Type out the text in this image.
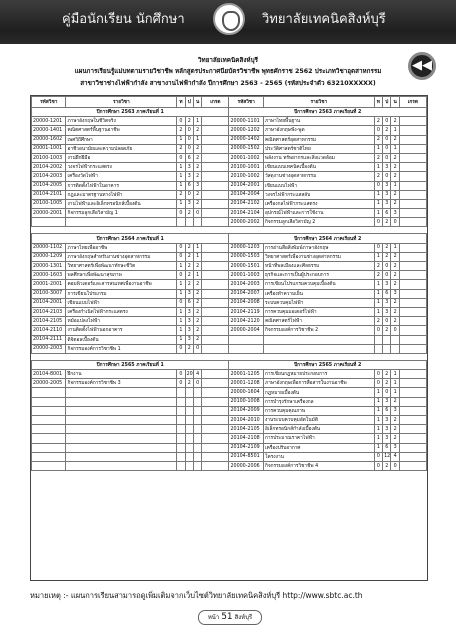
คู่มือนักเรียน นักศึกษา	วิทยาลัยเทคนิคสิงห์บุรี
◀◀
วิทยาลัยเทคนิคสิงห์บุรี
แผนการเรียนรู้แม่บทตามรายวิชาชีพ หลักสูตรประกาศนียบัตรวิชาชีพ พุทธศักราช 2562 ประเภทวิชาอุตสาหกรรม
สาขาวิชาช่างไฟฟ้ากำลัง สาขางานไฟฟ้ากำลัง ปีการศึกษา 2563 - 2565 (รหัสประจำตัว 63210XXXXX)
รหัสวิชา	รายวิชา	ท	ป	น	เกรด	รหัสวิชา	รายวิชา	ท	ป	น	เกรด
ปีการศึกษา 2563 ภาคเรียนที่ 1						ปีการศึกษา 2563 ภาคเรียนที่ 2					
20000-1201	ภาษาอังกฤษในชีวิตจริง	0	2	1		20000-1101	ภาษาไทยพื้นฐาน	2	0	2	
20000-1401	คณิตศาสตร์พื้นฐานอาชีพ	2	0	2		20000-1202	ภาษาอังกฤษฟัง-พูด	0	2	1	
20000-1602	เพศวิถีศึกษา	1	0	1		20000-1402	คณิตศาสตร์อุตสาหกรรม	2	0	2	
20001-1001	อาชีวอนามัยและความปลอดภัย	2	0	2		20000-1502	ประวัติศาสตร์ชาติไทย	1	0	1	
20100-1003	งานฝึกฝีมือ	0	6	2		20001-1002	พลังงาน ทรัพยากรและสิ่งแวดล้อม	2	0	2	
20104-2002	วงจรไฟฟ้ากระแสตรง	1	3	2		20100-1001	เขียนแบบเทคนิคเบื้องต้น	1	3	2	
20104-2003	เครื่องวัดไฟฟ้า	1	3	2		20100-1002	วัสดุงานช่างอุตสาหกรรม	2	0	2	
20104-2005	การติดตั้งไฟฟ้าในอาคาร	1	6	3		20104-2001	เขียนแบบไฟฟ้า	0	3	1	
20104-2101	กฎและมาตรฐานทางไฟฟ้า	2	0	2		20104-2004	วงจรไฟฟ้ากระแสสลับ	1	3	2	
20100-1005	งานไฟฟ้าและอิเล็กทรอนิกส์เบื้องต้น	1	3	2		20104-2102	เครื่องกลไฟฟ้ากระแสตรง	1	3	2	
20000-2001	กิจกรรมลูกเสือวิสามัญ 1	0	2	0		20104-2104	อุปกรณ์ไฟฟ้าและการใช้งาน	1	6	3	
						20000-2002	กิจกรรมลูกเสือวิสามัญ 2	0	2	0	

ปีการศึกษา 2564 ภาคเรียนที่ 1						ปีการศึกษา 2564 ภาคเรียนที่ 2					
20000-1102	ภาษาไทยเพื่ออาชีพ	0	2	1		20000-1203	การอ่านสื่อสิ่งพิมพ์ภาษาอังกฤษ	0	2	1	
20000-1209	ภาษาอังกฤษสำหรับงานช่างอุตสาหกรรม	0	2	1		20000-1503	วิทยาศาสตร์เพื่องานช่างอุตสาหกรรม	1	2	2	
20000-1301	วิทยาศาสตร์เพื่อพัฒนาทักษะชีวิต	1	2	2		20000-1501	หน้าที่พลเมืองและศีลธรรม	2	0	2	
20000-1603	พลศึกษาเพื่อพัฒนาสุขภาพ	0	2	1		20001-1003	ธุรกิจและการเป็นผู้ประกอบการ	2	0	2	
20001-2001	คอมพิวเตอร์และสารสนเทศเพื่องานอาชีพ	1	2	2		20104-2003	การเขียนโปรแกรมควบคุมเบื้องต้น	1	3	2	
20100-3007	การเขียนโปรแกรม	1	3	2		20104-2007	เครื่องทำความเย็น	1	6	3	
20104-2001	เขียนแบบไฟฟ้า	0	6	2		20104-2008	ระบบควบคุมไฟฟ้า	1	3	2	
20104-2103	เครื่องกำเนิดไฟฟ้ากระแสตรง	1	3	2		20104-2119	การควบคุมมอเตอร์ไฟฟ้า	1	3	2	
20104-2105	หม้อแปลงไฟฟ้า	1	3	2		20104-2120	คณิตศาสตร์ไฟฟ้า	2	0	2	
20104-2110	งานติดตั้งไฟฟ้านอกอาคาร	1	3	2		20000-2004	กิจกรรมองค์การวิชาชีพ 2	0	2	0	
20104-2111	ดิจิตอลเบื้องต้น	1	3	2							
20000-2003	กิจกรรมองค์การวิชาชีพ 1	0	2	0							

ปีการศึกษา 2565 ภาคเรียนที่ 1						ปีการศึกษา 2565 ภาคเรียนที่ 2					
20104-8001	ฝึกงาน	0	20	4		20001-1205	การเขียนกฎหมายประกอบการ	0	2	1	
20000-2005	กิจกรรมองค์การวิชาชีพ 3	0	2	0		20001-1208	ภาษาอังกฤษเพื่อการสื่อสารในงานอาชีพ	0	2	1	
						20000-1604	กฎหมายเบื้องต้น	1	0	1	
						20100-1008	การบำรุงรักษาเครื่องกล	1	3	2	
						20104-2009	การควบคุมคุณภาพ	1	6	3	
						20104-2010	งานระบบควบคุมอัตโนมัติ	1	3	2	
						20104-2105	อิเล็กทรอนิกส์กำลังเบื้องต้น	1	3	2	
						20104-2108	การประมาณราคาไฟฟ้า	1	3	2	
						20104-2109	เครื่องปรับอากาศ	1	6	3	
						20104-8501	โครงงาน	0	12	4	
						20000-2006	กิจกรรมองค์การวิชาชีพ 4	0	2	0	
หมายเหตุ :- แผนการเรียนสามารถดูเพิ่มเติมจากเว็บไซต์วิทยาลัยเทคนิคสิงห์บุรี http://www.sbtc.ac.th
หน้า 51 สิงห์บุรี
